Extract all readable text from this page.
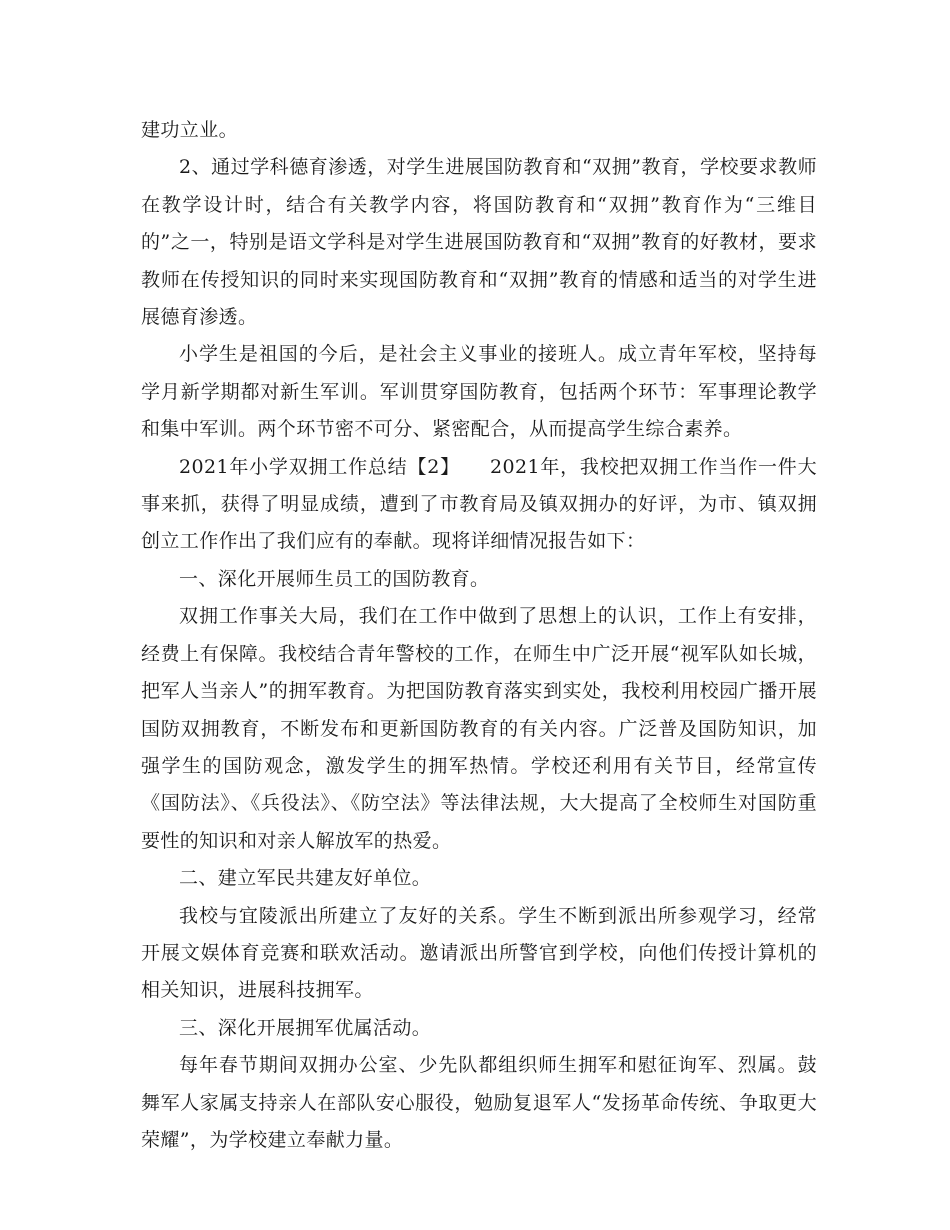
建功立业。

2、通过学科德育渗透，对学生进展国防教育和“双拥”教育，学校要求教师在教学设计时，结合有关教学内容，将国防教育和“双拥”教育作为“三维目的”之一，特别是语文学科是对学生进展国防教育和“双拥”教育的好教材，要求教师在传授知识的同时来实现国防教育和“双拥”教育的情感和适当的对学生进展德育渗透。

小学生是祖国的今后，是社会主义事业的接班人。成立青年军校，坚持每学月新学期都对新生军训。军训贯穿国防教育，包括两个环节：军事理论教学和集中军训。两个环节密不可分、紧密配合，从而提高学生综合素养。

2021年小学双拥工作总结【2】　　2021年，我校把双拥工作当作一件大事来抓，获得了明显成绩，遭到了市教育局及镇双拥办的好评，为市、镇双拥创立工作作出了我们应有的奉献。现将详细情况报告如下：

一、深化开展师生员工的国防教育。

双拥工作事关大局，我们在工作中做到了思想上的认识，工作上有安排，经费上有保障。我校结合青年警校的工作，在师生中广泛开展“视军队如长城，把军人当亲人”的拥军教育。为把国防教育落实到实处，我校利用校园广播开展国防双拥教育，不断发布和更新国防教育的有关内容。广泛普及国防知识，加强学生的国防观念，激发学生的拥军热情。学校还利用有关节目，经常宣传《国防法》、《兵役法》、《防空法》等法律法规，大大提高了全校师生对国防重要性的知识和对亲人解放军的热爱。

二、建立军民共建友好单位。

我校与宜陵派出所建立了友好的关系。学生不断到派出所参观学习，经常开展文娱体育竞赛和联欢活动。邀请派出所警官到学校，向他们传授计算机的相关知识，进展科技拥军。

三、深化开展拥军优属活动。

每年春节期间双拥办公室、少先队都组织师生拥军和慰征询军、烈属。鼓舞军人家属支持亲人在部队安心服役，勉励复退军人“发扬革命传统、争取更大荣耀”，为学校建立奉献力量。
